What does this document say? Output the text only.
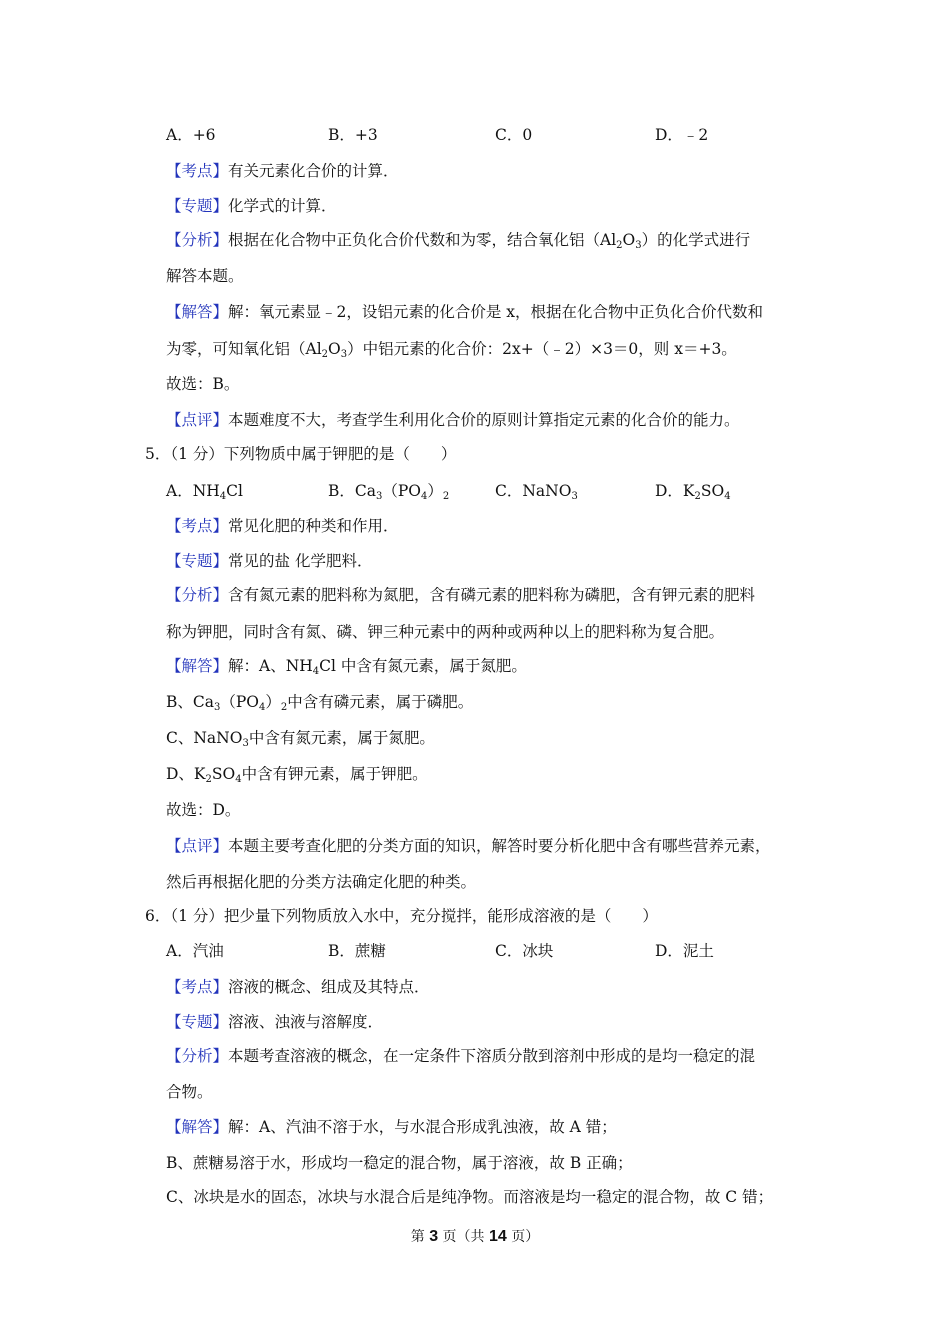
A．+6	B．+3	C．0	D．﹣2
【考点】有关元素化合价的计算．
【专题】化学式的计算．
【分析】根据在化合物中正负化合价代数和为零，结合氧化铝$(Al_2O_3)$的化学式进行
解答本题。
【解答】解：氧元素显﹣2，设铝元素的化合价是 x，根据在化合物中正负化合价代数和
为零，可知氧化铝$(Al_2O_3)$中铝元素的化合价：2x+（﹣2）×3＝0，则 x＝+3。
故选：B。
【点评】本题难度不大，考查学生利用化合价的原则计算指定元素的化合价的能力。
5．（1 分）下列物质中属于钾肥的是（　　）
A．$NH_4Cl$	B．$Ca_3(PO_4)_2$	C．NaNO$_3$	D．$K_2SO_4$
【考点】常见化肥的种类和作用．
【专题】常见的盐 化学肥料．
【分析】含有氮元素的肥料称为氮肥，含有磷元素的肥料称为磷肥，含有钾元素的肥料
称为钾肥，同时含有氮、磷、钾三种元素中的两种或两种以上的肥料称为复合肥。
【解答】解：A、$NH_4Cl$ 中含有氮元素，属于氮肥。
B、$Ca_3(PO_4)_2$中含有磷元素，属于磷肥。
C、NaNO$_3$中含有氮元素，属于氮肥。
D、$K_2SO_4$中含有钾元素，属于钾肥。
故选：D。
【点评】本题主要考查化肥的分类方面的知识，解答时要分析化肥中含有哪些营养元素，
然后再根据化肥的分类方法确定化肥的种类。
6．（1 分）把少量下列物质放入水中，充分搅拌，能形成溶液的是（　　）
A．汽油	B．蔗糖	C．冰块	D．泥土
【考点】溶液的概念、组成及其特点．
【专题】溶液、浊液与溶解度．
【分析】本题考查溶液的概念，在一定条件下溶质分散到溶剂中形成的是均一稳定的混
合物。
【解答】解：A、汽油不溶于水，与水混合形成乳浊液，故 A 错；
B、蔗糖易溶于水，形成均一稳定的混合物，属于溶液，故 B 正确；
C、冰块是水的固态，冰块与水混合后是纯净物。而溶液是均一稳定的混合物，故 C 错；
第 3 页（共 14 页）
